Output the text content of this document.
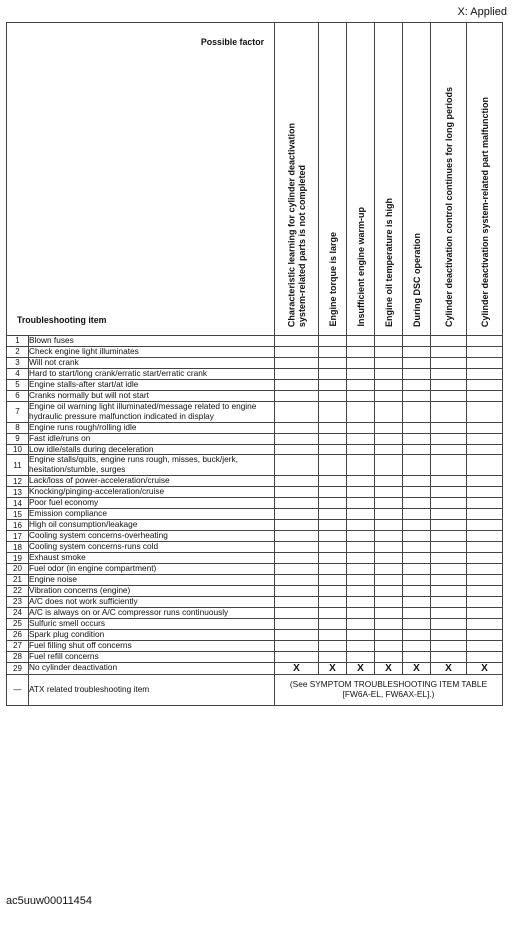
X: Applied
Possible factor
Troubleshooting item		Characteristic learning for cylinder deactivation
system-related parts is not completed	Engine torque is large	Insufficient engine warm-up	Engine oil temperature is high	During DSC operation	Cylinder deactivation control continues for long periods	Cylinder deactivation system-related part malfunction

1	Blown fuses							
2	Check engine light illuminates							
3	Will not crank							
4	Hard to start/long crank/erratic start/erratic crank							
5	Engine stalls-after start/at idle							
6	Cranks normally but will not start							
7	Engine oil warning light illuminated/message related to engine hydraulic pressure malfunction indicated in display							
8	Engine runs rough/rolling idle							
9	Fast idle/runs on							
10	Low idle/stalls during deceleration							
11	Engine stalls/quits, engine runs rough, misses, buck/jerk, hesitation/stumble, surges							
12	Lack/loss of power-acceleration/cruise							
13	Knocking/pinging-acceleration/cruise							
14	Poor fuel economy							
15	Emission compliance							
16	High oil consumption/leakage							
17	Cooling system concerns-overheating							
18	Cooling system concerns-runs cold							
19	Exhaust smoke							
20	Fuel odor (in engine compartment)							
21	Engine noise							
22	Vibration concerns (engine)							
23	A/C does not work sufficiently							
24	A/C is always on or A/C compressor runs continuously							
25	Sulfuric smell occurs							
26	Spark plug condition							
27	Fuel filling shut off concerns							
28	Fuel refill concerns							
29	No cylinder deactivation	X	X	X	X	X	X	X
—	ATX related troubleshooting item	(See SYMPTOM TROUBLESHOOTING ITEM TABLE [FW6A-EL, FW6AX-EL].)						
ac5uuw00011454
